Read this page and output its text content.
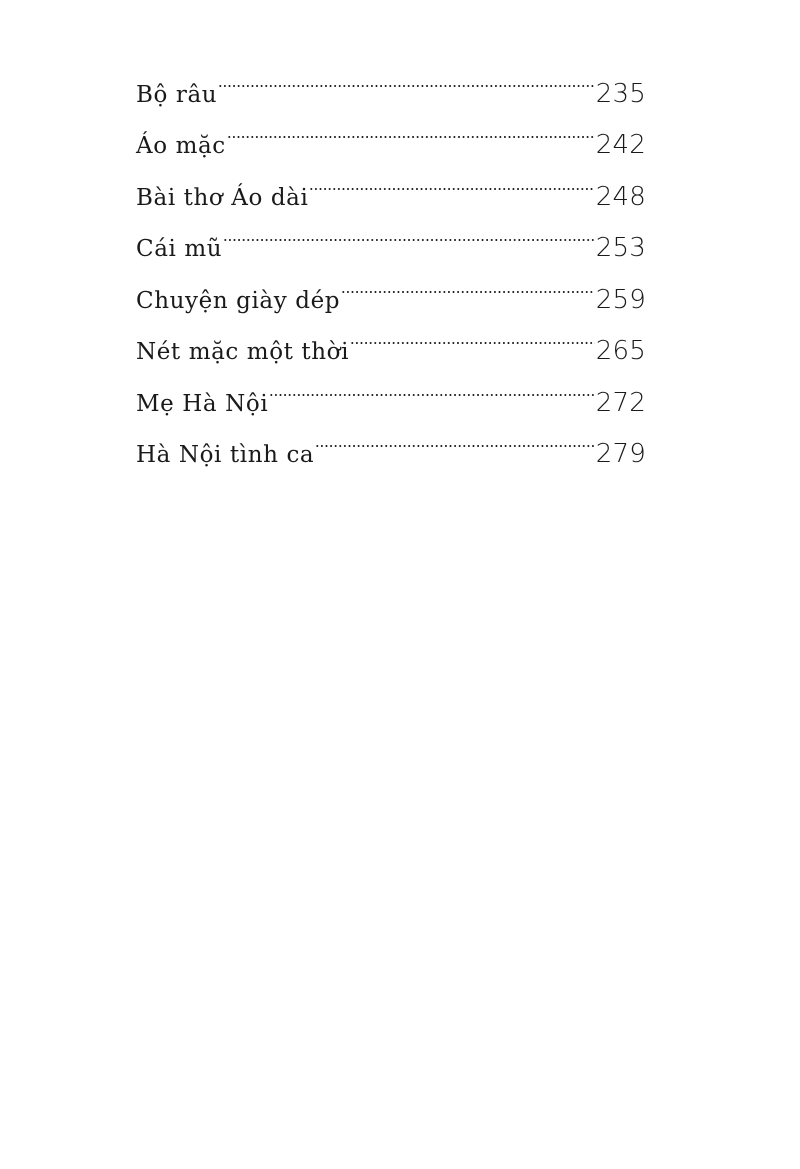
Bộ râu	235
Áo mặc	242
Bài thơ Áo dài	248
Cái mũ	253
Chuyện giày dép	259
Nét mặc một thời	265
Mẹ Hà Nội	272
Hà Nội tình ca	279
